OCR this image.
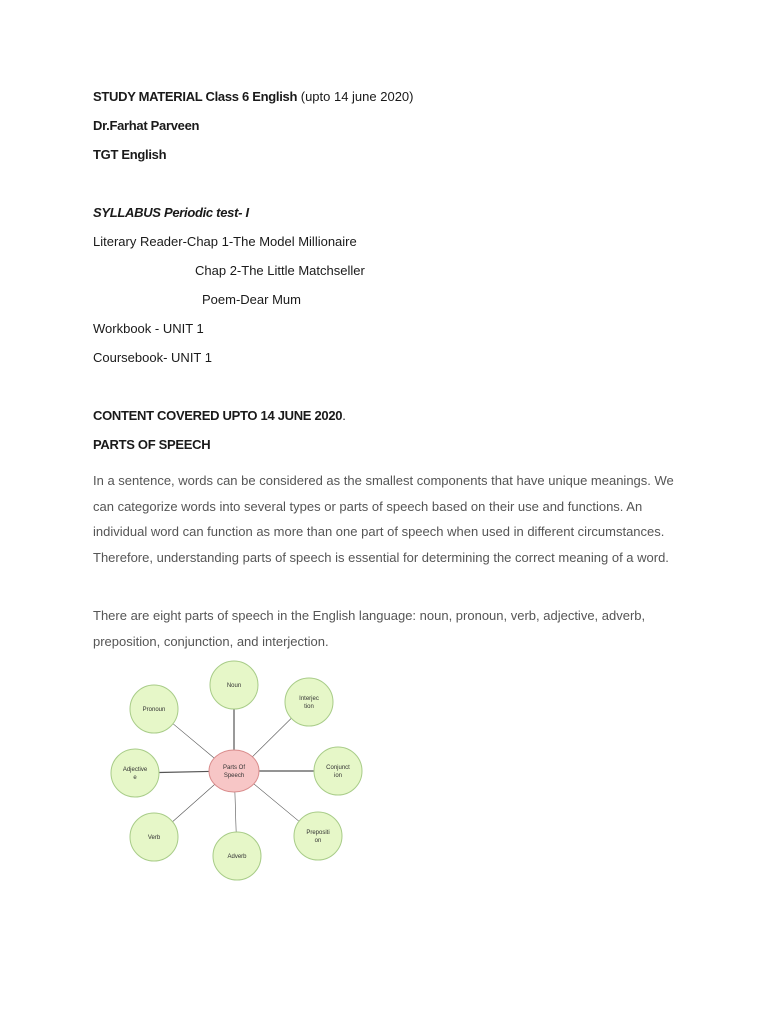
STUDY MATERIAL Class 6 English (upto 14 june 2020)
Dr.Farhat Parveen
TGT English
SYLLABUS Periodic test- I
Literary Reader-Chap 1-The Model Millionaire
Chap 2-The Little Matchseller
Poem-Dear Mum
Workbook - UNIT 1
Coursebook- UNIT 1
CONTENT COVERED UPTO 14 JUNE 2020.
PARTS OF SPEECH
In a sentence, words can be considered as the smallest components that have unique meanings. We can categorize words into several types or parts of speech based on their use and functions. An individual word can function as more than one part of speech when used in different circumstances. Therefore, understanding parts of speech is essential for determining the correct meaning of a word.
There are eight parts of speech in the English language: noun, pronoun, verb, adjective, adverb, preposition, conjunction, and interjection.
Noun
Interjec
tion
Conjunct
ion
Prepositi
on
Adverb
Verb
Adjective
e
Pronoun
Parts Of
Speech
